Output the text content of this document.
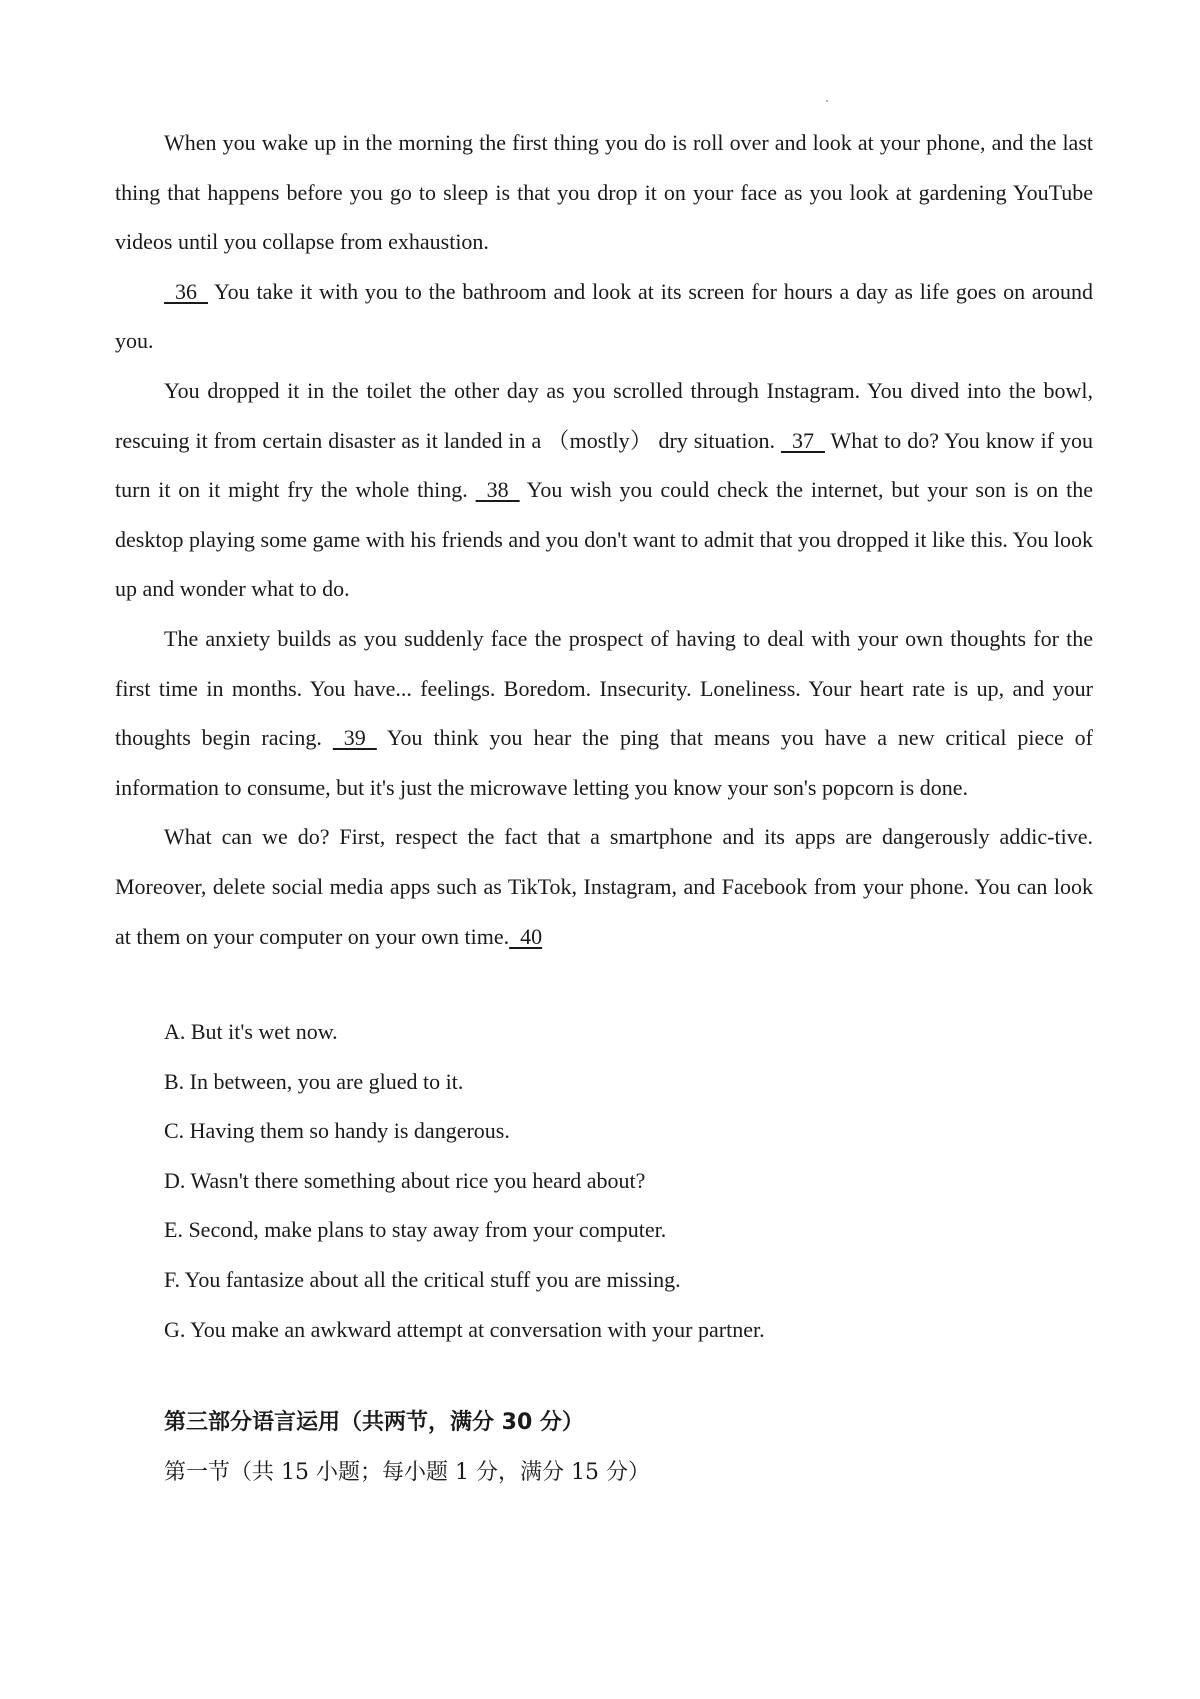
When you wake up in the morning the first thing you do is roll over and look at your phone, and the last thing that happens before you go to sleep is that you drop it on your face as you look at gardening YouTube videos until you collapse from exhaustion.

36   You take it with you to the bathroom and look at its screen for hours a day as life goes on around you.

You dropped it in the toilet the other day as you scrolled through Instagram. You dived into the bowl, rescuing it from certain disaster as it landed in a （mostly） dry situation.   37   What to do? You know if you turn it on it might fry the whole thing.   38   You wish you could check the internet, but your son is on the desktop playing some game with his friends and you don't want to admit that you dropped it like this. You look up and wonder what to do.

The anxiety builds as you suddenly face the prospect of having to deal with your own thoughts for the first time in months. You have... feelings. Boredom. Insecurity. Loneliness. Your heart rate is up, and your thoughts begin racing.   39   You think you hear the ping that means you have a new critical piece of information to consume, but it's just the microwave letting you know your son's popcorn is done.

What can we do? First, respect the fact that a smartphone and its apps are dangerously addic-tive. Moreover, delete social media apps such as TikTok, Instagram, and Facebook from your phone. You can look at them on your computer on your own time.  40

A. But it's wet now.

B. In between, you are glued to it.

C. Having them so handy is dangerous.

D. Wasn't there something about rice you heard about?

E. Second, make plans to stay away from your computer.

F. You fantasize about all the critical stuff you are missing.

G. You make an awkward attempt at conversation with your partner.

第三部分语言运用（共两节，满分 30 分）
第一节（共 15 小题；每小题 1 分，满分 15 分）
